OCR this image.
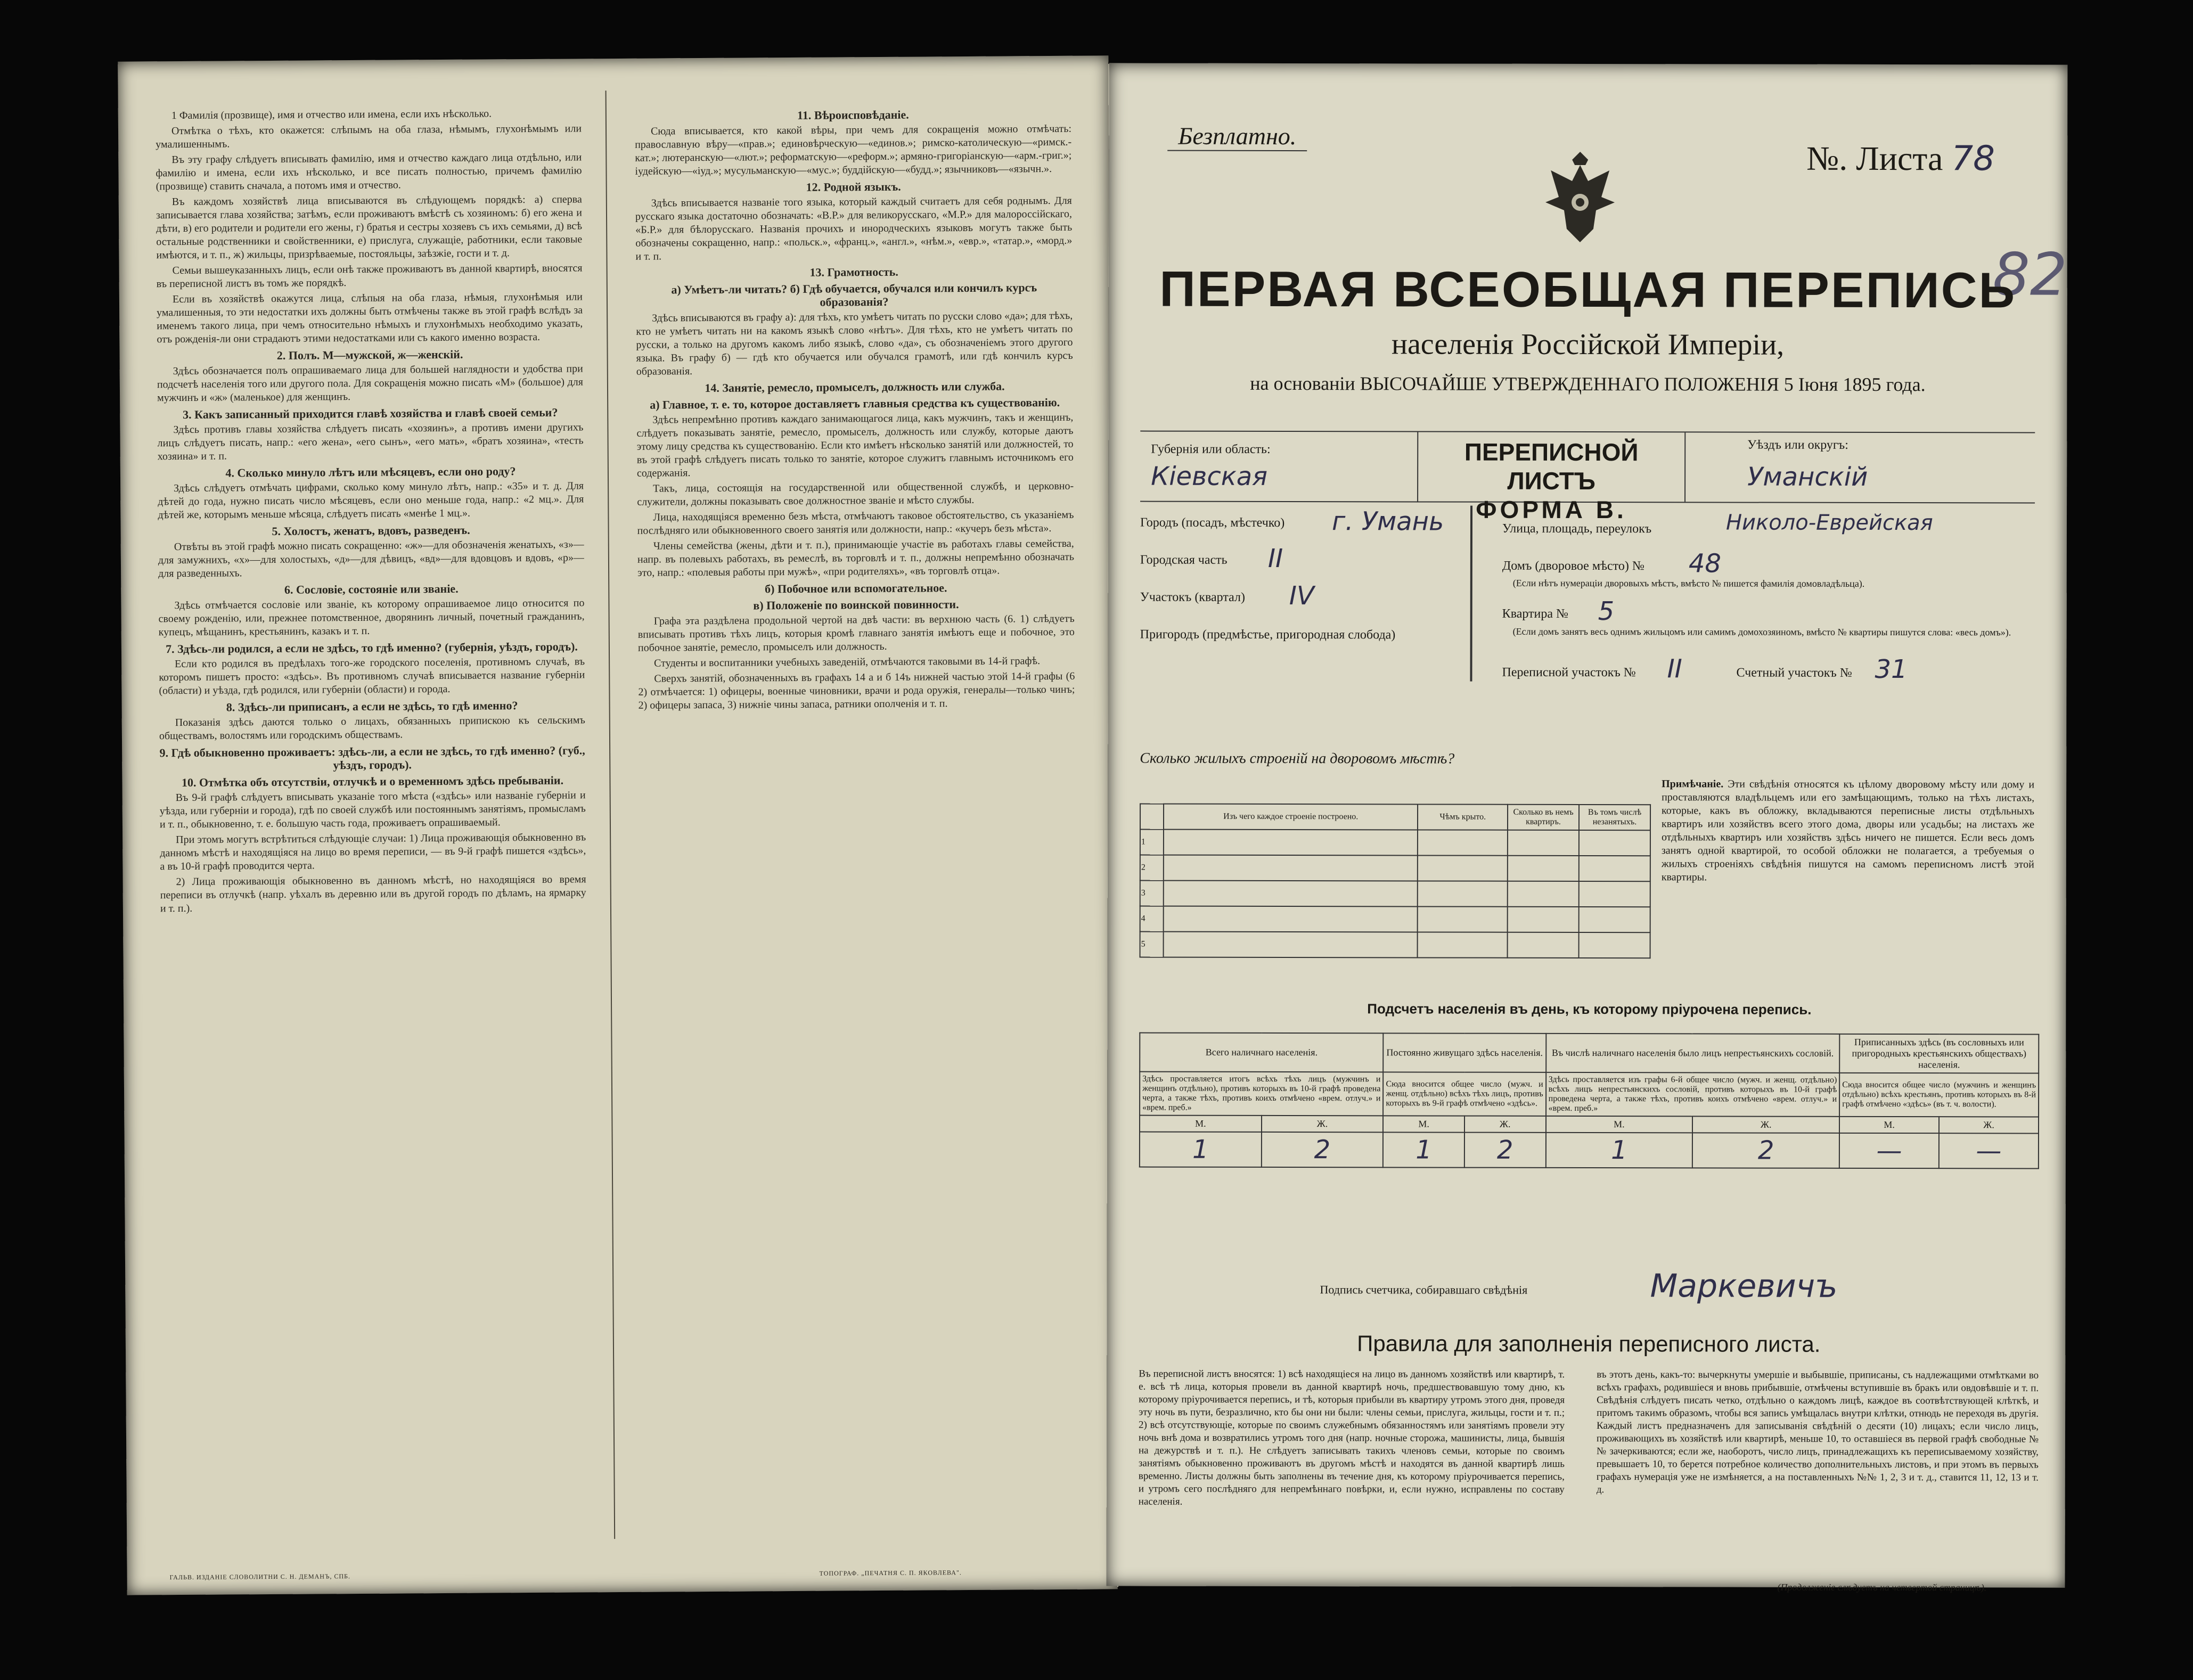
1 Фамилія (прозвище), имя и отчество или имена, если ихъ нѣсколько.

Отмѣтка о тѣхъ, кто окажется: слѣпымъ на оба глаза, нѣмымъ, глухонѣмымъ или умалишеннымъ.

Въ эту графу слѣдуетъ вписывать фамилію, имя и отчество каждаго лица отдѣльно, или фамилію и имена, если ихъ нѣсколько, и все писать полностью, причемъ фамилію (прозвище) ставить сначала, а потомъ имя и отчество.

Въ каждомъ хозяйствѣ лица вписываются въ слѣдующемъ порядкѣ: а) сперва записывается глава хозяйства; затѣмъ, если проживаютъ вмѣстѣ съ хозяиномъ: б) его жена и дѣти, в) его родители и родители его жены, г) братья и сестры хозяевъ съ ихъ семьями, д) всѣ остальные родственники и свойственники, е) прислуга, служащіе, работники, если таковые имѣются, и т. п., ж) жильцы, призрѣваемые, постояльцы, заѣзжіе, гости и т. д.

Семьи вышеуказанныхъ лицъ, если онѣ также проживаютъ въ данной квартирѣ, вносятся въ переписной листъ въ томъ же порядкѣ.

Если въ хозяйствѣ окажутся лица, слѣпыя на оба глаза, нѣмыя, глухонѣмыя или умалишенныя, то эти недостатки ихъ должны быть отмѣчены также въ этой графѣ вслѣдъ за именемъ такого лица, при чемъ относительно нѣмыхъ и глухонѣмыхъ необходимо указать, отъ рожденія-ли они страдаютъ этими недостатками или съ какого именно возраста.

2. Полъ. М—мужской, ж—женскій.

Здѣсь обозначается полъ опрашиваемаго лица для большей наглядности и удобства при подсчетѣ населенія того или другого пола. Для сокращенія можно писать «М» (большое) для мужчинъ и «ж» (маленькое) для женщинъ.

3. Какъ записанный приходится главѣ хозяйства и главѣ своей семьи?

Здѣсь противъ главы хозяйства слѣдуетъ писать «хозяинъ», а противъ имени другихъ лицъ слѣдуетъ писать, напр.: «его жена», «его сынъ», «его мать», «братъ хозяина», «тесть хозяина» и т. п.

4. Сколько минуло лѣтъ или мѣсяцевъ, если оно роду?

Здѣсь слѣдуетъ отмѣчать цифрами, сколько кому минуло лѣтъ, напр.: «35» и т. д. Для дѣтей до года, нужно писать число мѣсяцевъ, если оно меньше года, напр.: «2 мц.». Для дѣтей же, которымъ меньше мѣсяца, слѣдуетъ писать «менѣе 1 мц.».

5. Холостъ, женатъ, вдовъ, разведенъ.

Отвѣты въ этой графѣ можно писать сокращенно: «ж»—для обозначенія женатыхъ, «з»—для замужнихъ, «х»—для холостыхъ, «д»—для дѣвицъ, «вд»—для вдовцовъ и вдовъ, «р»—для разведенныхъ.

6. Сословіе, состояніе или званіе.

Здѣсь отмѣчается сословіе или званіе, къ которому опрашиваемое лицо относится по своему рожденію, или, прежнее потомственное, дворянинъ личный, почетный гражданинъ, купецъ, мѣщанинъ, крестьянинъ, казакъ и т. п.

7. Здѣсь-ли родился, а если не здѣсь, то гдѣ именно? (губернія, уѣздъ, городъ).

Если кто родился въ предѣлахъ того-же городского поселенія, противномъ случаѣ, въ которомъ пишетъ просто: «здѣсь». Въ противномъ случаѣ вписывается название губерніи (области) и уѣзда, гдѣ родился, или губерніи (области) и города.

8. Здѣсь-ли приписанъ, а если не здѣсь, то гдѣ именно?

Показанія здѣсь даются только о лицахъ, обязанныхъ припискою къ сельскимъ обществамъ, волостямъ или городскимъ обществамъ.

9. Гдѣ обыкновенно проживаетъ: здѣсь-ли, а если не здѣсь, то гдѣ именно? (губ., уѣздъ, городъ).
10. Отмѣтка объ отсутствіи, отлучкѣ и о временномъ здѣсь пребываніи.

Въ 9-й графѣ слѣдуетъ вписывать указаніе того мѣста («здѣсь» или названіе губерніи и уѣзда, или губерніи и города), гдѣ по своей службѣ или постояннымъ занятіямъ, промысламъ и т. п., обыкновенно, т. е. большую часть года, проживаетъ опрашиваемый.

При этомъ могутъ встрѣтиться слѣдующіе случаи: 1) Лица проживающія обыкновенно въ данномъ мѣстѣ и находящіяся на лицо во время переписи, — въ 9-й графѣ пишется «здѣсь», а въ 10-й графѣ проводится черта.

2) Лица проживающія обыкновенно въ данномъ мѣстѣ, но находящіяся во время переписи въ отлучкѣ (напр. уѣхалъ въ деревню или въ другой городъ по дѣламъ, на ярмарку и т. п.).

11. Вѣроисповѣданіе.

Сюда вписывается, кто какой вѣры, при чемъ для сокращенія можно отмѣчать: православную вѣру—«прав.»; единовѣрческую—«единов.»; римско-католическую—«римск.-кат.»; лютеранскую—«лют.»; реформатскую—«реформ.»; армяно-григоріанскую—«арм.-григ.»; іудейскую—«іуд.»; мусульманскую—«мус.»; буддійскую—«будд.»; язычниковъ—«язычн.».

12. Родной языкъ.

Здѣсь вписывается названіе того языка, который каждый считаетъ для себя роднымъ. Для русскаго языка достаточно обозначать: «В.Р.» для великорусскаго, «М.Р.» для малороссійскаго, «Б.Р.» для бѣлорусскаго. Названія прочихъ и инородческихъ языковъ могутъ также быть обозначены сокращенно, напр.: «польск.», «франц.», «англ.», «нѣм.», «евр.», «татар.», «морд.» и т. п.

13. Грамотность.
а) Умѣетъ-ли читать? б) Гдѣ обучается, обучался или кончилъ курсъ образованія?

Здѣсь вписываются въ графу а): для тѣхъ, кто умѣетъ читать по русски слово «да»; для тѣхъ, кто не умѣетъ читать ни на какомъ языкѣ слово «нѣтъ». Для тѣхъ, кто не умѣетъ читать по русски, а только на другомъ какомъ либо языкѣ, слово «да», съ обозначеніемъ этого другого языка. Въ графу б) — гдѣ кто обучается или обучался грамотѣ, или гдѣ кончилъ курсъ образованія.

14. Занятіе, ремесло, промыселъ, должность или служба.
а) Главное, т. е. то, которое доставляетъ главныя средства къ существованію.

Здѣсь непремѣнно противъ каждаго занимающагося лица, какъ мужчинъ, такъ и женщинъ, слѣдуетъ показывать занятіе, ремесло, промыселъ, должность или службу, которые даютъ этому лицу средства къ существованію. Если кто имѣетъ нѣсколько занятій или должностей, то въ этой графѣ слѣдуетъ писать только то занятіе, которое служитъ главнымъ источникомъ его содержанія.

Такъ, лица, состоящія на государственной или общественной службѣ, и церковно-служители, должны показывать свое должностное званіе и мѣсто службы.

Лица, находящіяся временно безъ мѣста, отмѣчаютъ таковое обстоятельство, съ указаніемъ послѣдняго или обыкновенного своего занятія или должности, напр.: «кучеръ безъ мѣста».

Члены семейства (жены, дѣти и т. п.), принимающіе участіе въ работахъ главы семейства, напр. въ полевыхъ работахъ, въ ремеслѣ, въ торговлѣ и т. п., должны непремѣнно обозначать это, напр.: «полевыя работы при мужѣ», «при родителяхъ», «въ торговлѣ отца».

б) Побочное или вспомогательное.
в) Положеніе по воинской повинности.

Графа эта раздѣлена продольной чертой на двѣ части: въ верхнюю часть (6. 1) слѣдуетъ вписывать противъ тѣхъ лицъ, которыя кромѣ главнаго занятія имѣютъ еще и побочное, это побочное занятіе, ремесло, промыселъ или должность.

Студенты и воспитанники учебныхъ заведеній, отмѣчаются таковыми въ 14-й графѣ.

Сверхъ занятій, обозначенныхъ въ графахъ 14 а и б 14ъ нижней частью этой 14-й графы (6 2) отмѣчается: 1) офицеры, военные чиновники, врачи и рода оружія, генералы—только чинъ; 2) офицеры запаса, 3) нижніе чины запаса, ратники ополченія и т. п.

ГАЛЬВ. ИЗДАНІЕ СЛОВОЛИТНИ С. Н. ДЕМАНЪ, СПБ.	ТОПОГРАФ. „ПЕЧАТНЯ С. П. ЯКОВЛЕВА".
Безплатно.
№. Листа 78
82
ПЕРВАЯ ВСЕОБЩАЯ ПЕРЕПИСЬ
населенія Россійской Имперіи,
на основаніи ВЫСОЧАЙШЕ УТВЕРЖДЕННАГО ПОЛОЖЕНІЯ 5 Іюня 1895 года.
Губернія или область:
Кіевская
ПЕРЕПИСНОЙ ЛИСТЪ
ФОРМА В.
Уѣздъ или округъ:
Уманскій
Городъ (посадъ, мѣстечко) г. Умань
Городская часть II
Участокъ (квартал) IV
Пригородъ (предмѣстье, пригородная слобода)
Улица, площадь, переулокъ	Николо-Еврейская
Домъ (дворовое мѣсто) № 48
(Если нѣтъ нумераціи дворовыхъ мѣстъ, вмѣсто № пишется фамилія домовладѣльца).
Квартира № 5
(Если домъ занятъ весь однимъ жильцомъ или самимъ домохозяиномъ, вмѣсто № квартиры пишутся слова: «весь домъ»).
Переписной участокъ № II	Счетный участокъ № 31
Сколько жилыхъ строеній на дворовомъ мѣстѣ?
	Изъ чего каждое строеніе построено.	Чѣмъ крыто.	Сколько въ немъ квартиръ.	Въ томъ числѣ незанятыхъ.
1				
2				
3				
4				
5				
Примѣчаніе. Эти свѣдѣнія относятся къ цѣлому дворовому мѣсту или дому и проставляются владѣльцемъ или его замѣщающимъ, только на тѣхъ листахъ, которые, какъ въ обложку, вкладываются переписные листы отдѣльныхъ квартиръ или хозяйствъ всего этого дома, дворы или усадьбы; на листахъ же отдѣльныхъ квартиръ или хозяйствъ здѣсь ничего не пишется. Если весь домъ занятъ одной квартирой, то особой обложки не полагается, а требуемыя о жилыхъ строеніяхъ свѣдѣнія пишутся на самомъ переписномъ листѣ этой квартиры.
Подсчетъ населенія въ день, къ которому пріурочена перепись.
Всего наличнаго населенія.		Постоянно живущаго здѣсь населенія.		Въ числѣ наличнаго населенія было лицъ непрестьянскихъ сословій.		Приписанныхъ здѣсь (въ сословныхъ или пригородныхъ крестьянскихъ обществахъ) населенія.	
Здѣсь проставляется итогъ всѣхъ тѣхъ лицъ (мужчинъ и женщинъ отдѣльно), противъ которыхъ въ 10-й графѣ проведена черта, а также тѣхъ, противъ коихъ отмѣчено «врем. отлуч.» и «врем. преб.»		Сюда вносится общее число (мужч. и женщ. отдѣльно) всѣхъ тѣхъ лицъ, противъ которыхъ въ 9-й графѣ отмѣчено «здѣсь».		Здѣсь проставляется изъ графы 6-й общее число (мужч. и женщ. отдѣльно) всѣхъ лицъ непрестьянскихъ сословій, противъ которыхъ въ 10-й графѣ проведена черта, а также тѣхъ, противъ коихъ отмѣчено «врем. отлуч.» и «врем. преб.»		Сюда вносится общее число (мужчинъ и женщинъ отдѣльно) всѣхъ крестьянъ, противъ которыхъ въ 8-й графѣ отмѣчено «здѣсь» (въ т. ч. волости).	
М.	Ж.	М.	Ж.	М.	Ж.	М.	Ж.
1	2	1	2	1	2	—	—
Подпись счетчика, собиравшаго свѣдѣнія	Маркевичъ
Правила для заполненія переписного листа.
Въ переписной листъ вносятся: 1) всѣ находящіеся на лицо въ данномъ хозяйствѣ или квартирѣ, т. е. всѣ тѣ лица, которыя провели въ данной квартирѣ ночь, предшествовавшую тому дню, къ которому пріурочивается перепись, и тѣ, которыя прибыли въ квартиру утромъ этого дня, проведя эту ночь въ пути, безразлично, кто бы они ни были: члены семьи, прислуга, жильцы, гости и т. п.; 2) всѣ отсутствующіе, которые по своимъ служебнымъ обязанностямъ или занятіямъ провели эту ночь внѣ дома и возвратились утромъ того дня (напр. ночные сторожа, машинисты, лица, бывшія на дежурствѣ и т. п.). Не слѣдуетъ записывать такихъ членовъ семьи, которые по своимъ занятіямъ обыкновенно проживаютъ въ другомъ мѣстѣ и находятся въ данной квартирѣ лишь временно. Листы должны быть заполнены въ течение дня, къ которому пріурочивается перепись, и утромъ сего послѣдняго для непремѣннаго повѣрки, и, если нужно, исправлены по составу населенія.
въ этотъ день, какъ-то: вычеркнуты умершіе и выбывшіе, приписаны, съ надлежащими отмѣтками во всѣхъ графахъ, родившіеся и вновь прибывшіе, отмѣчены вступившіе въ бракъ или овдовѣвшіе и т. п. Свѣдѣнія слѣдуетъ писать четко, отдѣльно о каждомъ лицѣ, каждое въ соотвѣтствующей клѣткѣ, и притомъ такимъ образомъ, чтобы вся запись умѣщалась внутри клѣтки, отнюдь не переходя въ другія. Каждый листъ предназначенъ для записыванія свѣдѣній о десяти (10) лицахъ; если число лицъ, проживающихъ въ хозяйствѣ или квартирѣ, меньше 10, то оставшіеся въ первой графѣ свободные №№ зачеркиваются; если же, наоборотъ, число лицъ, принадлежащихъ къ переписываемому хозяйству, превышаетъ 10, то берется потребное количество дополнительныхъ листовъ, и при этомъ въ первыхъ графахъ нумерація уже не измѣняется, а на поставленныхъ №№ 1, 2, 3 и т. д., ставится 11, 12, 13 и т. д.
(Продолженіе слѣдуетъ на четвертой страницѣ).
